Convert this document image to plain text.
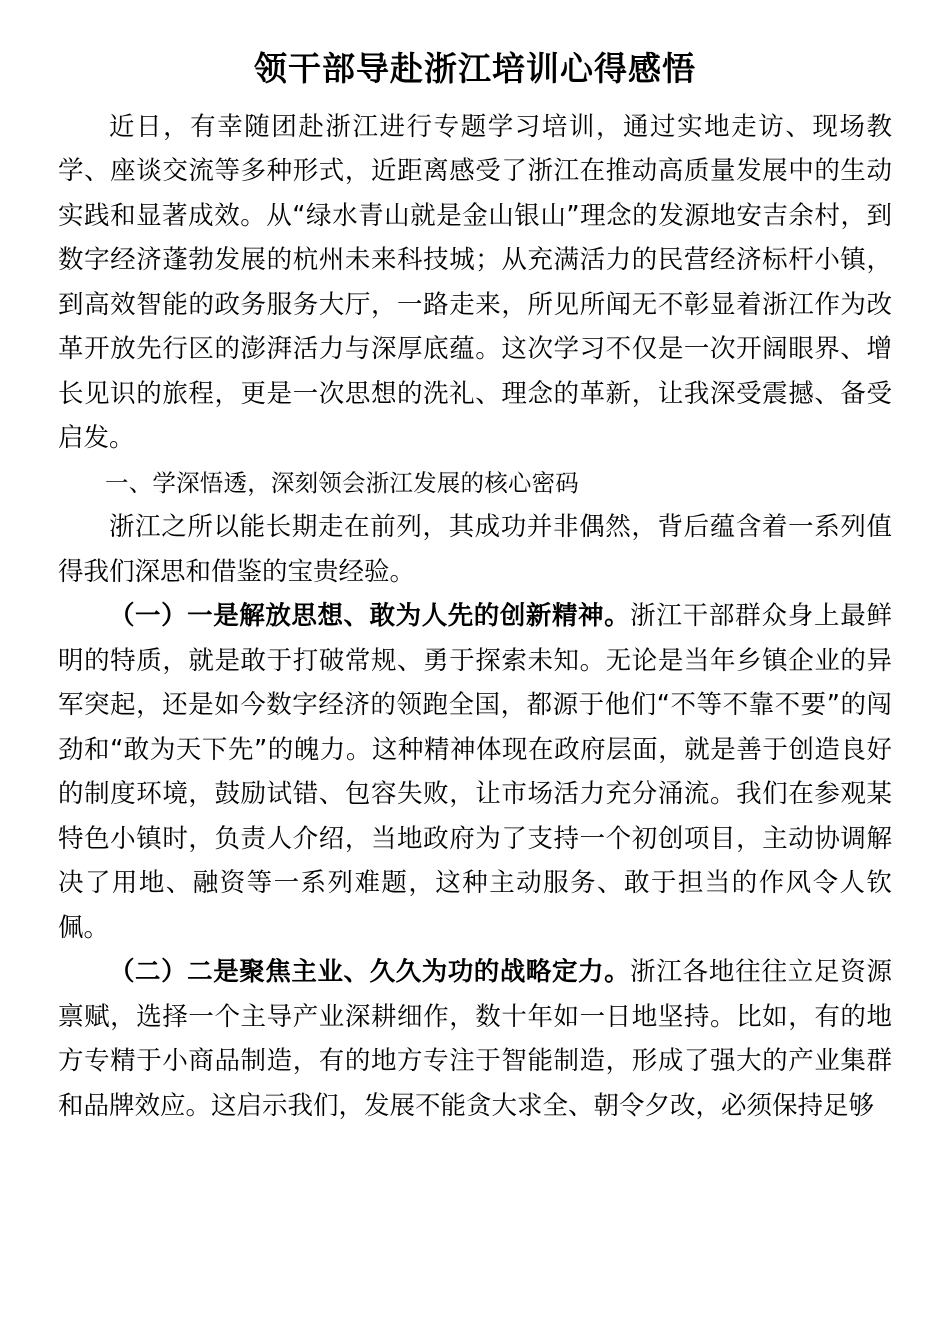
领干部导赴浙江培训心得感悟

近日，有幸随团赴浙江进行专题学习培训，通过实地走访、现场教学、座谈交流等多种形式，近距离感受了浙江在推动高质量发展中的生动实践和显著成效。从“绿水青山就是金山银山”理念的发源地安吉余村，到数字经济蓬勃发展的杭州未来科技城；从充满活力的民营经济标杆小镇，到高效智能的政务服务大厅，一路走来，所见所闻无不彰显着浙江作为改革开放先行区的澎湃活力与深厚底蕴。这次学习不仅是一次开阔眼界、增长见识的旅程，更是一次思想的洗礼、理念的革新，让我深受震撼、备受启发。

一、学深悟透，深刻领会浙江发展的核心密码

浙江之所以能长期走在前列，其成功并非偶然，背后蕴含着一系列值得我们深思和借鉴的宝贵经验。

（一）一是解放思想、敢为人先的创新精神。浙江干部群众身上最鲜明的特质，就是敢于打破常规、勇于探索未知。无论是当年乡镇企业的异军突起，还是如今数字经济的领跑全国，都源于他们“不等不靠不要”的闯劲和“敢为天下先”的魄力。这种精神体现在政府层面，就是善于创造良好的制度环境，鼓励试错、包容失败，让市场活力充分涌流。我们在参观某特色小镇时，负责人介绍，当地政府为了支持一个初创项目，主动协调解决了用地、融资等一系列难题，这种主动服务、敢于担当的作风令人钦佩。

（二）二是聚焦主业、久久为功的战略定力。浙江各地往往立足资源禀赋，选择一个主导产业深耕细作，数十年如一日地坚持。比如，有的地方专精于小商品制造，有的地方专注于智能制造，形成了强大的产业集群和品牌效应。这启示我们，发展不能贪大求全、朝令夕改，必须保持足够
